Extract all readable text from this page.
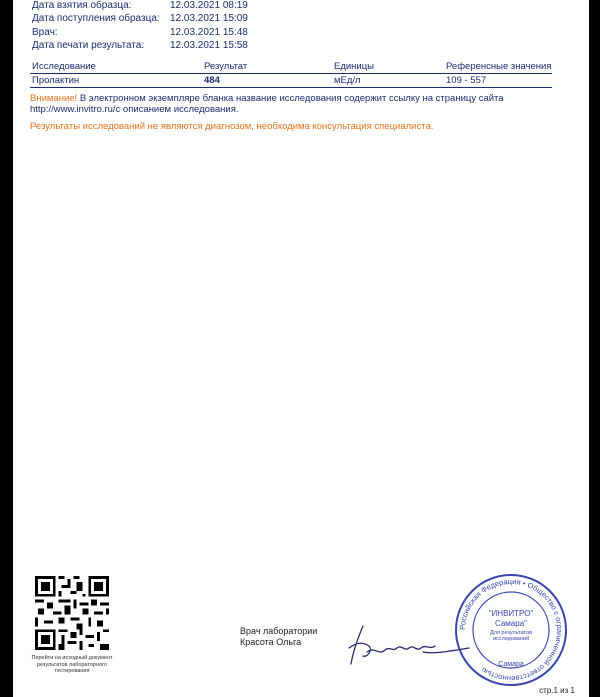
Дата взятия образца:	12.03.2021 08:19
Дата поступления образца: 12.03.2021 15:09
Врач:	12.03.2021 15:48
Дата печати результата:	12.03.2021 15:58
Исследование	Результат	Единицы	Референсные значения
Пролактин	484	мЕд/л	109 - 557
Внимание! В электронном экземпляре бланка название исследования содержит ссылку на страницу сайта
http://www.invitro.ru/с описанием исследования.
Результаты исследований не являются диагнозом, необходима консультация специалиста.
Перейти на исходный документ результатов лабораторного тестирования
Врач лаборатории
Красота Ольга
Российская Федерация • Общество с ограниченной ответственностью
"ИНВИТРО"
Самара"
Для результатов исследований
Самара
стр.1 из 1
